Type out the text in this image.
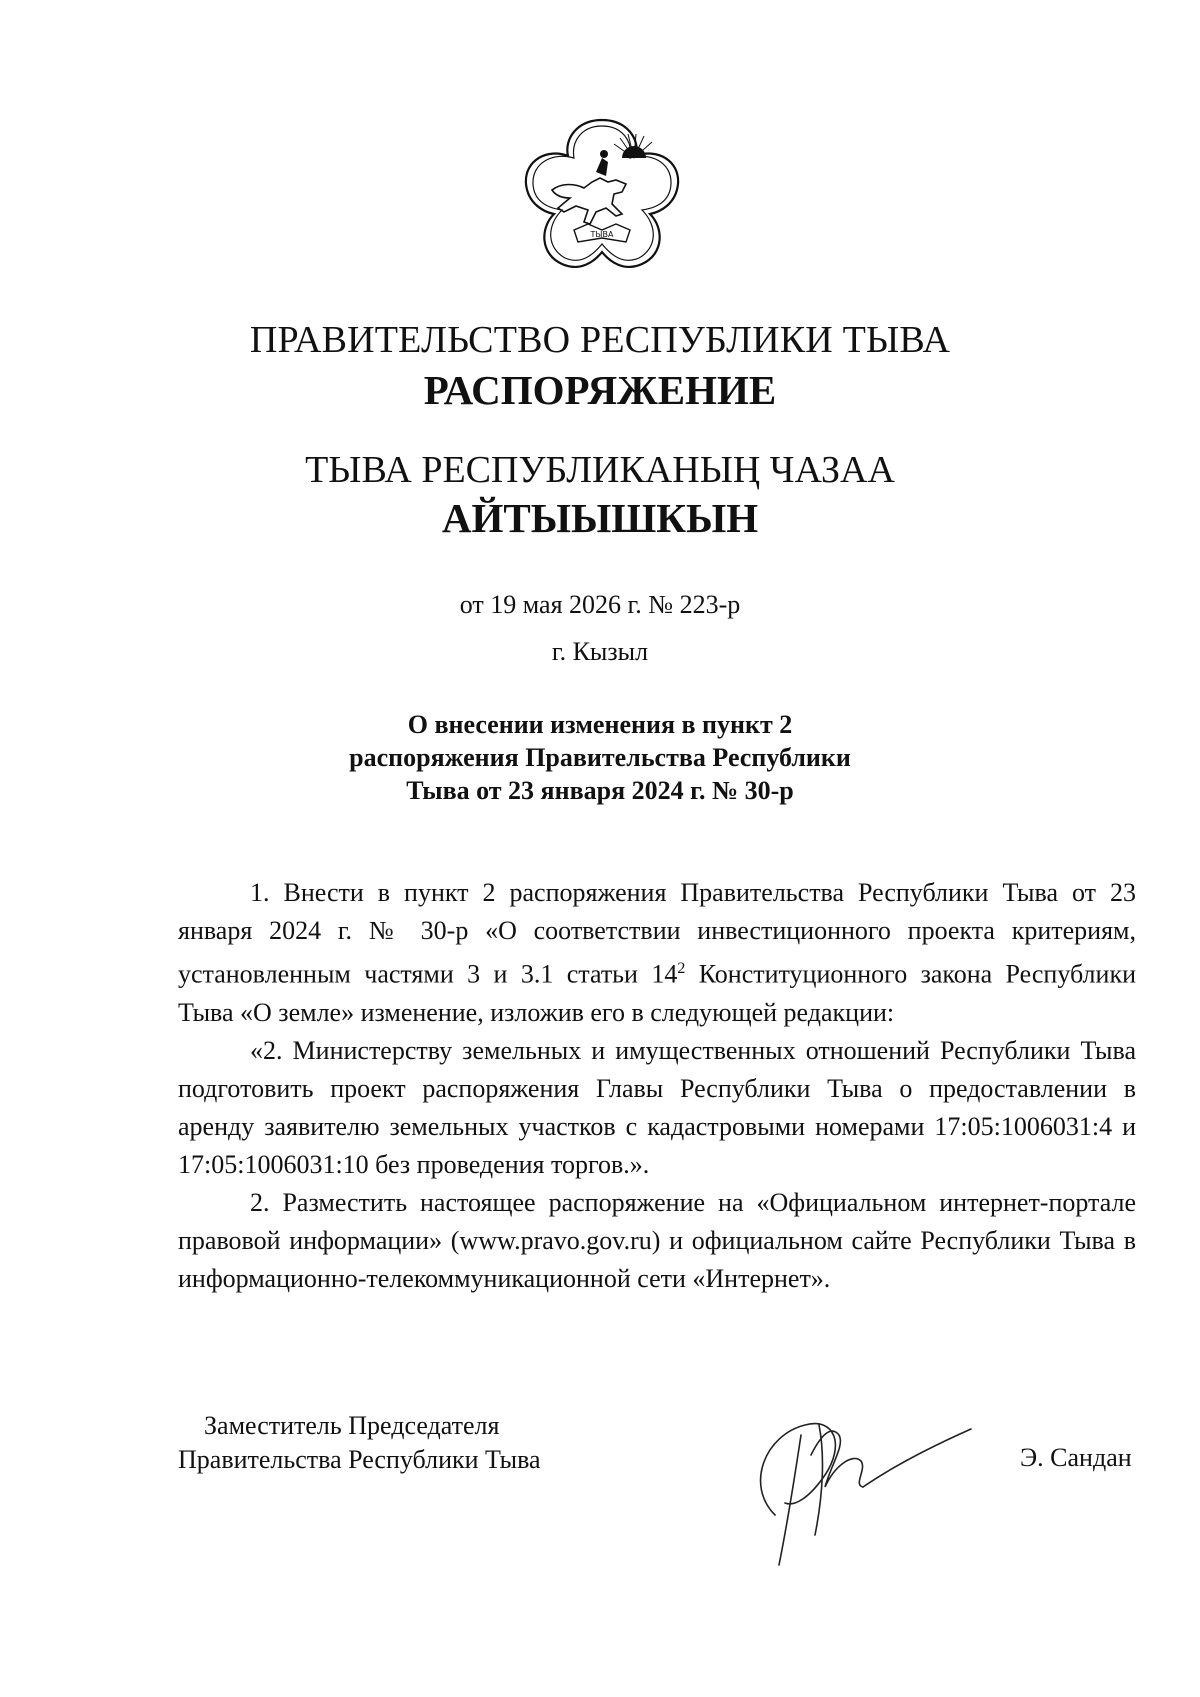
ТЫВА
ПРАВИТЕЛЬСТВО РЕСПУБЛИКИ ТЫВА
РАСПОРЯЖЕНИЕ
ТЫВА РЕСПУБЛИКАНЫҢ ЧАЗАА
АЙТЫЫШКЫН
от 19 мая 2026 г. № 223-р
г. Кызыл
О внесении изменения в пункт 2
распоряжения Правительства Республики
Тыва от 23 января 2024 г. № 30-р

1. Внести в пункт 2 распоряжения Правительства Республики Тыва от 23 января 2024 г. № 30-р «О соответствии инвестиционного проекта критериям, установленным частями 3 и 3.1 статьи $14^2$ Конституционного закона Республики Тыва «О земле» изменение, изложив его в следующей редакции:

«2. Министерству земельных и имущественных отношений Республики Тыва подготовить проект распоряжения Главы Республики Тыва о предоставлении в аренду заявителю земельных участков с кадастровыми номерами 17:05:1006031:4 и 17:05:1006031:10 без проведения торгов.».

2. Разместить настоящее распоряжение на «Официальном интернет-портале правовой информации» (www.pravo.gov.ru) и официальном сайте Республики Тыва в информационно-телекоммуникационной сети «Интернет».

Заместитель Председателя
Правительства Республики Тыва	Э. Сандан
